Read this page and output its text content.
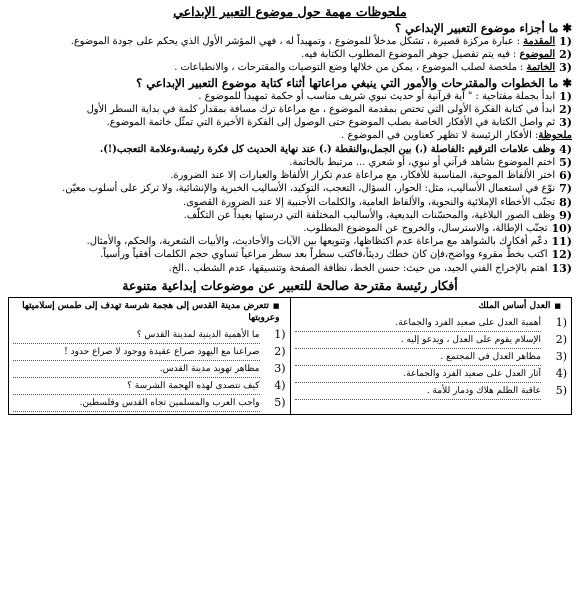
ملحوظات مهمة حول موضوع التعبير الإبداعي
✱ما أجزاء موضوع التعبير الإبداعي ؟
(1
المقدمة : عبارة مركزة قصيرة ، تشكل مدخلاً للموضوع ، وتمهيداً له ، فهي المؤشر الأول الذي يحكم على جودة الموضوع.
(2
الموضوع : فيه يتم تفصيل جوهر الموضوع المطلوب الكتابة فيه.
(3
الخاتمة : ملخصة لصلب الموضوع ، يمكن من خلالها وضع التوصيات والمقترحات ، والانطباعات .
✱ما الخطوات والمقترحات والأمور التي ينبغي مراعاتها أثناء كتابة موضوع التعبير الإبداعي ؟
(1
ابدأ بجملة مفتاحية : " آية قرآنية أو حديث نبوي شريف مناسب أو حكمة تمهيداً للموضوع .
(2
ابدأ في كتابة الفكرة الأولى التي تختص بمقدمة الموضوع ، مع مراعاة ترك مسافة بمقدار كلمة في بداية السطر الأول
(3
ثم واصل الكتابة في الأفكار الخاصة بصلب الموضوع حتى الوصول إلى الفكرة الأخيرة التي تمثّل خاتمة الموضوع.
ملحوظة: الأفكار الرئيسة لا تظهر كعناوين في الموضوع .
(4
وظف علامات الترقيم :الفاصلة (،) بين الجمل،والنقطة (.) عند نهاية الحديث كل فكرة رئيسة،وعلامة التعجب(!).
(5
اختم الموضوع بشاهد قرآني أو نبوي، أو شعري ... مرتبط بالخاتمة.
(6
اختر الألفاظ الموحية، المناسبة للأفكار، مع مراعاة عدم تكرار الألفاظ والعبارات إلا عند الضرورة.
(7
نوّع في استعمال الأساليب، مثل: الحوار، السؤال، التعجب، التوكيد، الأساليب الخبرية والإنشائية، ولا تركز على أسلوب معيّن.
(8
تجنّب الأخطاء الإملائية والنحوية، والألفاظ العامية، والكلمات الأجنبية إلا عند الضرورة القصوى.
(9
وظف الصور البلاغية، والمحسّنات البديعية، والأساليب المختلفة التي درستها بعيداً عن التكلّف.
(10
تجنّب الإطالة، والاسترسال، والخروج عن الموضوع المطلوب.
(11
دعّم أفكارك بالشواهد مع مراعاة عدم اكتظاظها، وتنويعها بين الآيات والأحاديث، والأبيات الشعرية، والحكم، والأمثال.
(12
اكتب بخطٍّ مقروء وواضح،فإن كان خطك رديئاً،فاكتب سطراً بعد سطر مراعياً تساوي حجم الكلمات أفقياً ورأسياً.
(13
اهتم بالإخراج الفني الجيد، من حيث: حسن الخط، نظافة الصفحة وتنسيقها، عدم الشطب ..الخ.
أفكار رئيسة مقترحة صالحة للتعبير عن موضوعات إبداعية متنوعة
■ العدل أساس الملك
(1
أهمية العدل على صعيد الفرد والجماعة.
(2
الإسلام يقوم على العدل ، ويدعو إليه .
(3
مظاهر العدل في المجتمع .
(4
آثار العدل على صعيد الفرد والجماعة.
(5
عاقبة الظلم هلاك ودمار للأمة .

■ تتعرض مدينة القدس إلى هجمة شرسة تهدف إلى طمس إسلاميتها وعروبتها
(1
ما الأهمية الدينية لمدينة القدس ؟
(2
صراعنا مع اليهود صراع عقيدة ووجود لا صراع حدود !
(3
مظاهر تهويد مدينة القدس.
(4
كيف نتصدى لهذه الهجمة الشرسة ؟
(5
واجب العرب والمسلمين تجاه القدس وفلسطين.
